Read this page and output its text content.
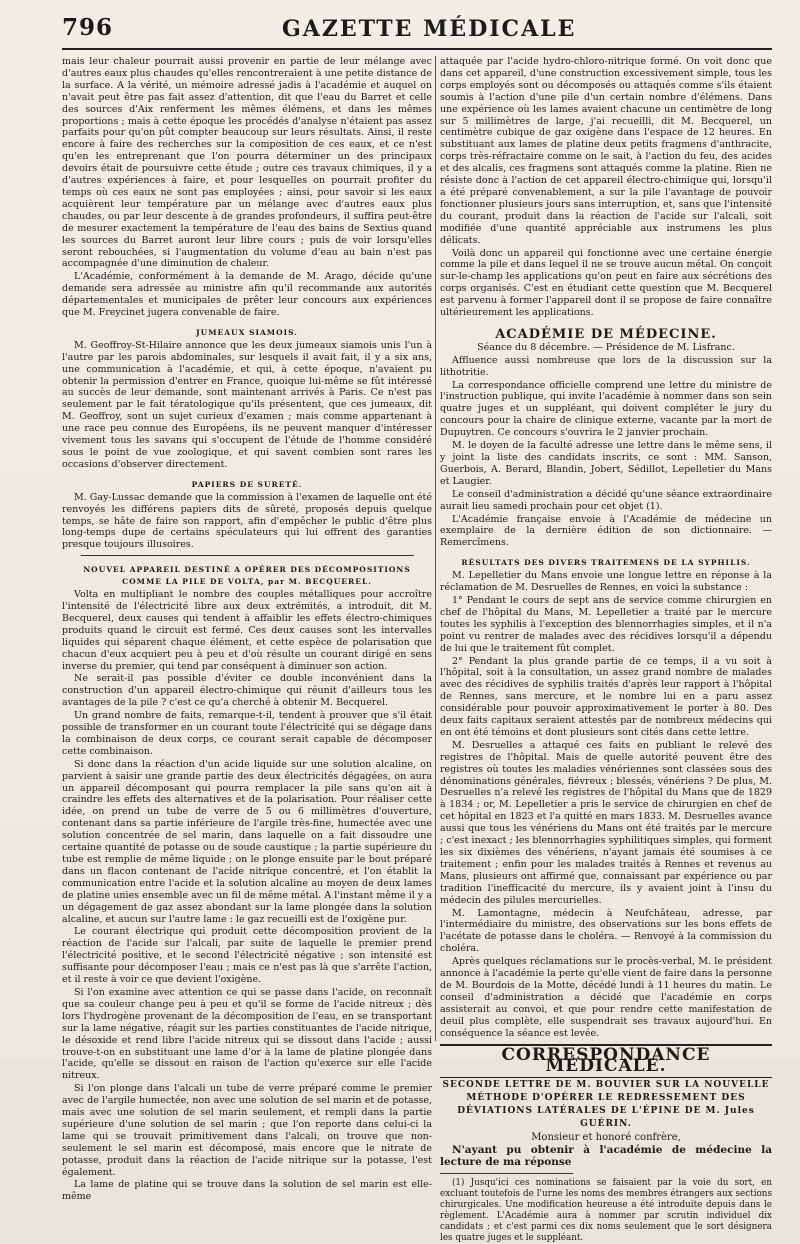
796	GAZETTE MÉDICALE

mais leur chaleur pourrait aussi provenir en partie de leur mélange avec d'autres eaux plus chaudes qu'elles rencontreraient à une petite distance de la surface. A la vérité, un mémoire adressé jadis à l'académie et auquel on n'avait peut être pas fait assez d'attention, dit que l'eau du Barret et celle des sources d'Aix renferment les mêmes élémens, et dans les mêmes proportions ; mais à cette époque les procédés d'analyse n'étaient pas assez parfaits pour qu'on pût compter beaucoup sur leurs résultats. Ainsi, il reste encore à faire des recherches sur la composition de ces eaux, et ce n'est qu'en les entreprenant que l'on pourra déterminer un des principaux devoirs était de poursuivre cette étude ; outre ces travaux chimiques, il y a d'autres expériences à faire, et pour lesquelles on pourrait profiter du temps où ces eaux ne sont pas employées ; ainsi, pour savoir si les eaux acquièrent leur température par un mélange avec d'autres eaux plus chaudes, ou par leur descente à de grandes profondeurs, il suffira peut-être de mesurer exactement la température de l'eau des bains de Sextius quand les sources du Barret auront leur libre cours ; puis de voir lorsqu'elles seront rebouchées, si l'augmentation du volume d'eau au bain n'est pas accompagnée d'une diminution de chaleur.

L'Académie, conformément à la demande de M. Arago, décide qu'une demande sera adressée au ministre afin qu'il recommande aux autorités départementales et municipales de prêter leur concours aux expériences que M. Freycinet jugera convenable de faire.

JUMEAUX SIAMOIS.

M. Geoffroy-St-Hilaire annonce que les deux jumeaux siamois unis l'un à l'autre par les parois abdominales, sur lesquels il avait fait, il y a six ans, une communication à l'académie, et qui, à cette époque, n'avaient pu obtenir la permission d'entrer en France, quoique lui-même se fût intéressé au succès de leur demande, sont maintenant arrivés à Paris. Ce n'est pas seulement par le fait tératologique qu'ils présentent, que ces jumeaux, dit M. Geoffroy, sont un sujet curieux d'examen ; mais comme appartenant à une race peu connue des Européens, ils ne peuvent manquer d'intéresser vivement tous les savans qui s'occupent de l'étude de l'homme considéré sous le point de vue zoologique, et qui savent combien sont rares les occasions d'observer directement.

PAPIERS DE SURETÉ.

M. Gay-Lussac demande que la commission à l'examen de laquelle ont été renvoyés les différens papiers dits de sûreté, proposés depuis quelque temps, se hâte de faire son rapport, afin d'empêcher le public d'être plus long-temps dupe de certains spéculateurs qui lui offrent des garanties presque toujours illusoires.

NOUVEL APPAREIL DESTINÉ A OPÉRER DES DÉCOMPOSITIONS COMME LA PILE DE VOLTA, par M. BECQUEREL.

Volta en multipliant le nombre des couples métalliques pour accroître l'intensité de l'électricité libre aux deux extrémités, a introduit, dit M. Becquerel, deux causes qui tendent à affaiblir les effets électro-chimiques produits quand le circuit est fermé. Ces deux causes sont les intervalles liquides qui séparent chaque élément, et cette espèce de polarisation que chacun d'eux acquiert peu à peu et d'où résulte un courant dirigé en sens inverse du premier, qui tend par conséquent à diminuer son action.

Ne serait-il pas possible d'éviter ce double inconvénient dans la construction d'un appareil électro-chimique qui réunit d'ailleurs tous les avantages de la pile ? c'est ce qu'a cherché à obtenir M. Becquerel.

Un grand nombre de faits, remarque-t-il, tendent à prouver que s'il était possible de transformer en un courant toute l'électricité qui se dégage dans la combinaison de deux corps, ce courant serait capable de décomposer cette combinaison.

Si donc dans la réaction d'un acide liquide sur une solution alcaline, on parvient à saisir une grande partie des deux électricités dégagées, on aura un appareil décomposant qui pourra remplacer la pile sans qu'on ait à craindre les effets des alternatives et de la polarisation. Pour réaliser cette idée, on prend un tube de verre de 5 ou 6 millimètres d'ouverture, contenant dans sa partie inférieure de l'argile très-fine, humectée avec une solution concentrée de sel marin, dans laquelle on a fait dissoudre une certaine quantité de potasse ou de soude caustique ; la partie supérieure du tube est remplie de même liquide ; on le plonge ensuite par le bout préparé dans un flacon contenant de l'acide nitrique concentré, et l'on établit la communication entre l'acide et la solution alcaline au moyen de deux lames de platine unies ensemble avec un fil de même métal. A l'instant même il y a un dégagement de gaz assez abondant sur la lame plongée dans la solution alcaline, et aucun sur l'autre lame : le gaz recueilli est de l'oxigène pur.

Le courant électrique qui produit cette décomposition provient de la réaction de l'acide sur l'alcali, par suite de laquelle le premier prend l'électricité positive, et le second l'électricité négative ; son intensité est suffisante pour décomposer l'eau ; mais ce n'est pas là que s'arrête l'action, et il reste à voir ce que devient l'oxigène.

Si l'on examine avec attention ce qui se passe dans l'acide, on reconnaît que sa couleur change peu à peu et qu'il se forme de l'acide nitreux ; dès lors l'hydrogène provenant de la décomposition de l'eau, en se transportant sur la lame négative, réagit sur les parties constituantes de l'acide nitrique, le désoxide et rend libre l'acide nitreux qui se dissout dans l'acide ; aussi trouve-t-on en substituant une lame d'or à la lame de platine plongée dans l'acide, qu'elle se dissout en raison de l'action qu'exerce sur elle l'acide nitreux.

Si l'on plonge dans l'alcali un tube de verre préparé comme le premier avec de l'argile humectée, non avec une solution de sel marin et de potasse, mais avec une solution de sel marin seulement, et rempli dans la partie supérieure d'une solution de sel marin ; que l'on reporte dans celui-ci la lame qui se trouvait primitivement dans l'alcali, on trouve que non-seulement le sel marin est décomposé, mais encore que le nitrate de potasse, produit dans la réaction de l'acide nitrique sur la potasse, l'est également.

La lame de platine qui se trouve dans la solution de sel marin est elle-même

attaquée par l'acide hydro-chloro-nitrique formé. On voit donc que dans cet appareil, d'une construction excessivement simple, tous les corps employés sont ou décomposés ou attaqués comme s'ils étaient soumis à l'action d'une pile d'un certain nombre d'élémens. Dans une expérience où les lames avaient chacune un centimètre de long sur 5 millimètres de large, j'ai recueilli, dit M. Becquerel, un centimètre cubique de gaz oxigène dans l'espace de 12 heures. En substituant aux lames de platine deux petits fragmens d'anthracite, corps très-réfractaire comme on le sait, à l'action du feu, des acides et des alcalis, ces fragmens sont attaqués comme la platine. Rien ne résiste donc à l'action de cet appareil électro-chimique qui, lorsqu'il a été préparé convenablement, a sur la pile l'avantage de pouvoir fonctionner plusieurs jours sans interruption, et, sans que l'intensité du courant, produit dans la réaction de l'acide sur l'alcali, soit modifiée d'une quantité appréciable aux instrumens les plus délicats.

Voilà donc un appareil qui fonctionne avec une certaine énergie comme la pile et dans lequel il ne se trouve aucun métal. On conçoit sur-le-champ les applications qu'on peut en faire aux sécrétions des corps organisés. C'est en étudiant cette question que M. Becquerel est parvenu à former l'appareil dont il se propose de faire connaître ultérieurement les applications.

ACADÉMIE DE MÉDECINE.

Séance du 8 décembre. — Présidence de M. Lisfranc.

Affluence aussi nombreuse que lors de la discussion sur la lithotritie.

La correspondance officielle comprend une lettre du ministre de l'instruction publique, qui invite l'académie à nommer dans son sein quatre juges et un suppléant, qui doivent compléter le jury du concours pour la chaire de clinique externe, vacante par la mort de Dupuytren. Ce concours s'ouvrira le 2 janvier prochain.

M. le doyen de la faculté adresse une lettre dans le même sens, il y joint la liste des candidats inscrits, ce sont : MM. Sanson, Guerbois, A. Berard, Blandin, Jobert, Sédillot, Lepelletier du Mans et Laugier.

Le conseil d'administration a décidé qu'une séance extraordinaire aurait lieu samedi prochain pour cet objet (1).

L'Académie française envoie à l'Académie de médecine un exemplaire de la dernière édition de son dictionnaire. — Remercîmens.

RÉSULTATS DES DIVERS TRAITEMENS DE LA SYPHILIS.

M. Lepelletier du Mans envoie une longue lettre en réponse à la réclamation de M. Desruelles de Rennes, en voici la substance :

1° Pendant le cours de sept ans de service comme chirurgien en chef de l'hôpital du Mans, M. Lepelletier a traité par le mercure toutes les syphilis à l'exception des blennorrhagies simples, et il n'a point vu rentrer de malades avec des récidives lorsqu'il a dépendu de lui que le traitement fût complet.

2° Pendant la plus grande partie de ce temps, il a vu soit à l'hôpital, soit à la consultation, un assez grand nombre de malades avec des récidives de syphilis traités d'après leur rapport à l'hôpital de Rennes, sans mercure, et le nombre lui en a paru assez considérable pour pouvoir approximativement le porter à 80. Des deux faits capitaux seraient attestés par de nombreux médecins qui en ont été témoins et dont plusieurs sont cités dans cette lettre.

M. Desruelles a attaqué ces faits en publiant le relevé des registres de l'hôpital. Mais de quelle autorité peuvent être des registres où toutes les maladies vénériennes sont classées sous des dénominations générales, fiévreux ; blessés, vénériens ? De plus, M. Desruelles n'a relevé les registres de l'hôpital du Mans que de 1829 à 1834 ; or, M. Lepelletier a pris le service de chirurgien en chef de cet hôpital en 1823 et l'a quitté en mars 1833. M. Desruelles avance aussi que tous les vénériens du Mans ont été traités par le mercure ; c'est inexact ; les blennorrhagies syphilitiques simples, qui forment les six dixièmes des vénériens, n'ayant jamais été soumises à ce traitement ; enfin pour les malades traités à Rennes et revenus au Mans, plusieurs ont affirmé que, connaissant par expérience ou par tradition l'inefficacité du mercure, ils y avaient joint à l'insu du médecin des pilules mercurielles.

M. Lamontagne, médecin à Neufchâteau, adresse, par l'intermédiaire du ministre, des observations sur les bons effets de l'acétate de potasse dans le choléra. — Renvoyé à la commission du choléra.

Après quelques réclamations sur le procès-verbal, M. le président annonce à l'académie la perte qu'elle vient de faire dans la personne de M. Bourdois de la Motte, décédé lundi à 11 heures du matin. Le conseil d'administration a décidé que l'académie en corps assisterait au convoi, et que pour rendre cette manifestation de deuil plus complète, elle suspendrait ses travaux aujourd'hui. En conséquence la séance est levée.

CORRESPONDANCE MÉDICALE.

SECONDE LETTRE DE M. BOUVIER SUR LA NOUVELLE MÉTHODE D'OPÉRER LE REDRESSEMENT DES DÉVIATIONS LATÉRALES DE L'ÉPINE DE M. Jules GUÉRIN.

Monsieur et honoré confrère,

N'ayant pu obtenir à l'académie de médecine la lecture de ma réponse

(1) Jusqu'ici ces nominations se faisaient par la voie du sort, en excluant toutefois de l'urne les noms des membres étrangers aux sections chirurgicales. Une modification heureuse a été introduite depuis dans le règlement. L'Académie aura à nommer par scrutin individuel dix candidats ; et c'est parmi ces dix noms seulement que le sort désignera les quatre juges et le suppléant.
